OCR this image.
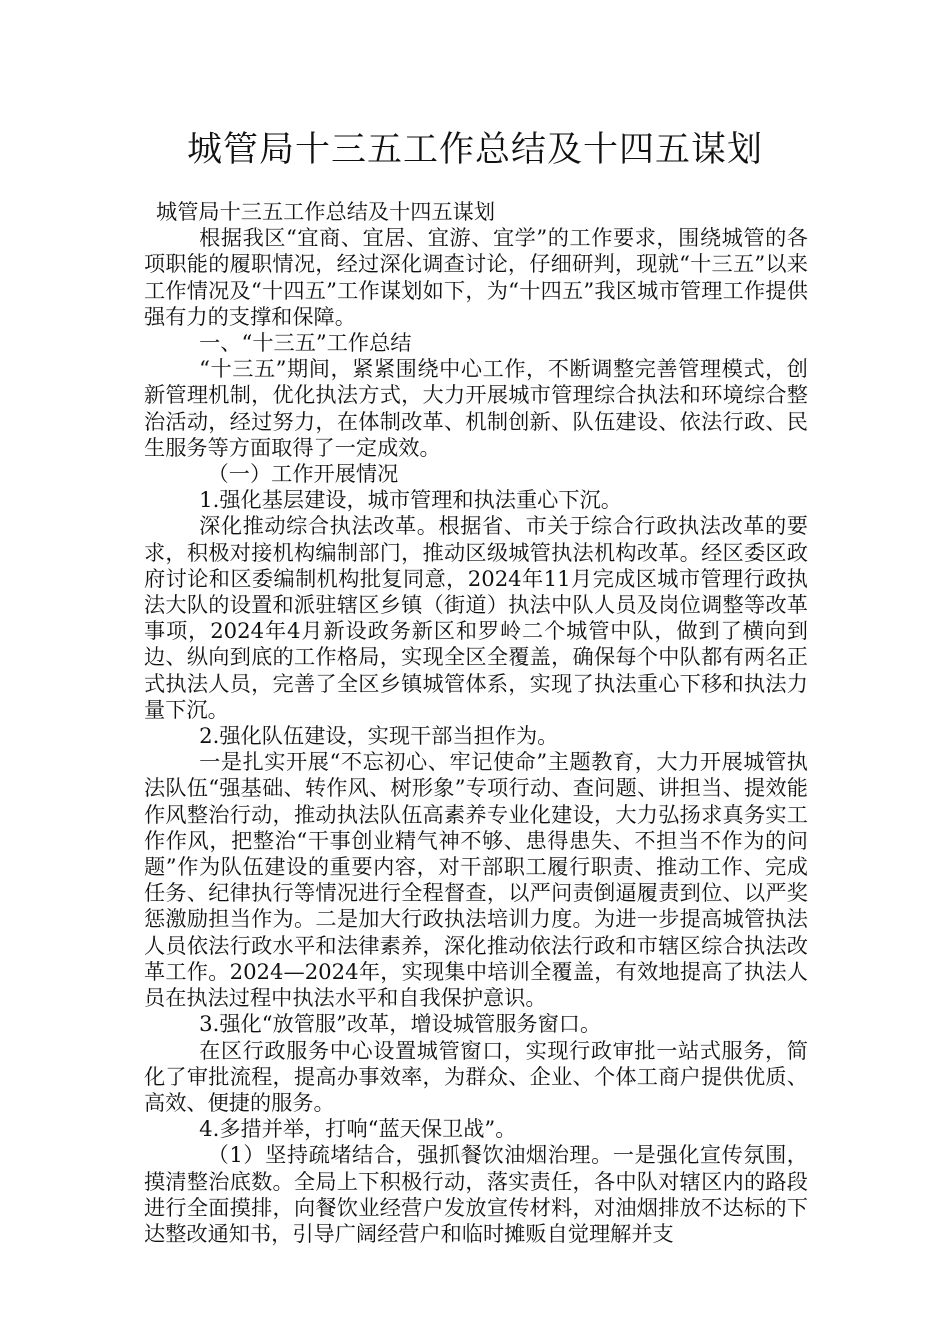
城管局十三五工作总结及十四五谋划

城管局十三五工作总结及十四五谋划

根据我区“宜商、宜居、宜游、宜学”的工作要求，围绕城管的各项职能的履职情况，经过深化调查讨论，仔细研判，现就“十三五”以来工作情况及“十四五”工作谋划如下，为“十四五”我区城市管理工作提供强有力的支撑和保障。

一、“十三五”工作总结

“十三五”期间，紧紧围绕中心工作，不断调整完善管理模式，创新管理机制，优化执法方式，大力开展城市管理综合执法和环境综合整治活动，经过努力，在体制改革、机制创新、队伍建设、依法行政、民生服务等方面取得了一定成效。

（一）工作开展情况

1.强化基层建设，城市管理和执法重心下沉。

深化推动综合执法改革。根据省、市关于综合行政执法改革的要求，积极对接机构编制部门，推动区级城管执法机构改革。经区委区政府讨论和区委编制机构批复同意，2024年11月完成区城市管理行政执法大队的设置和派驻辖区乡镇（街道）执法中队人员及岗位调整等改革事项，2024年4月新设政务新区和罗岭二个城管中队，做到了横向到边、纵向到底的工作格局，实现全区全覆盖，确保每个中队都有两名正式执法人员，完善了全区乡镇城管体系，实现了执法重心下移和执法力量下沉。

2.强化队伍建设，实现干部当担作为。

一是扎实开展“不忘初心、牢记使命”主题教育，大力开展城管执法队伍“强基础、转作风、树形象”专项行动、查问题、讲担当、提效能作风整治行动，推动执法队伍高素养专业化建设，大力弘扬求真务实工作作风，把整治“干事创业精气神不够、患得患失、不担当不作为的问题”作为队伍建设的重要内容，对干部职工履行职责、推动工作、完成任务、纪律执行等情况进行全程督查，以严问责倒逼履责到位、以严奖惩激励担当作为。二是加大行政执法培训力度。为进一步提高城管执法人员依法行政水平和法律素养，深化推动依法行政和市辖区综合执法改革工作。2024—2024年，实现集中培训全覆盖，有效地提高了执法人员在执法过程中执法水平和自我保护意识。

3.强化“放管服”改革，增设城管服务窗口。

在区行政服务中心设置城管窗口，实现行政审批一站式服务，简化了审批流程，提高办事效率，为群众、企业、个体工商户提供优质、高效、便捷的服务。

4.多措并举，打响“蓝天保卫战”。

（1）坚持疏堵结合，强抓餐饮油烟治理。一是强化宣传氛围，摸清整治底数。全局上下积极行动，落实责任，各中队对辖区内的路段进行全面摸排，向餐饮业经营户发放宣传材料，对油烟排放不达标的下达整改通知书，引导广阔经营户和临时摊贩自觉理解并支
